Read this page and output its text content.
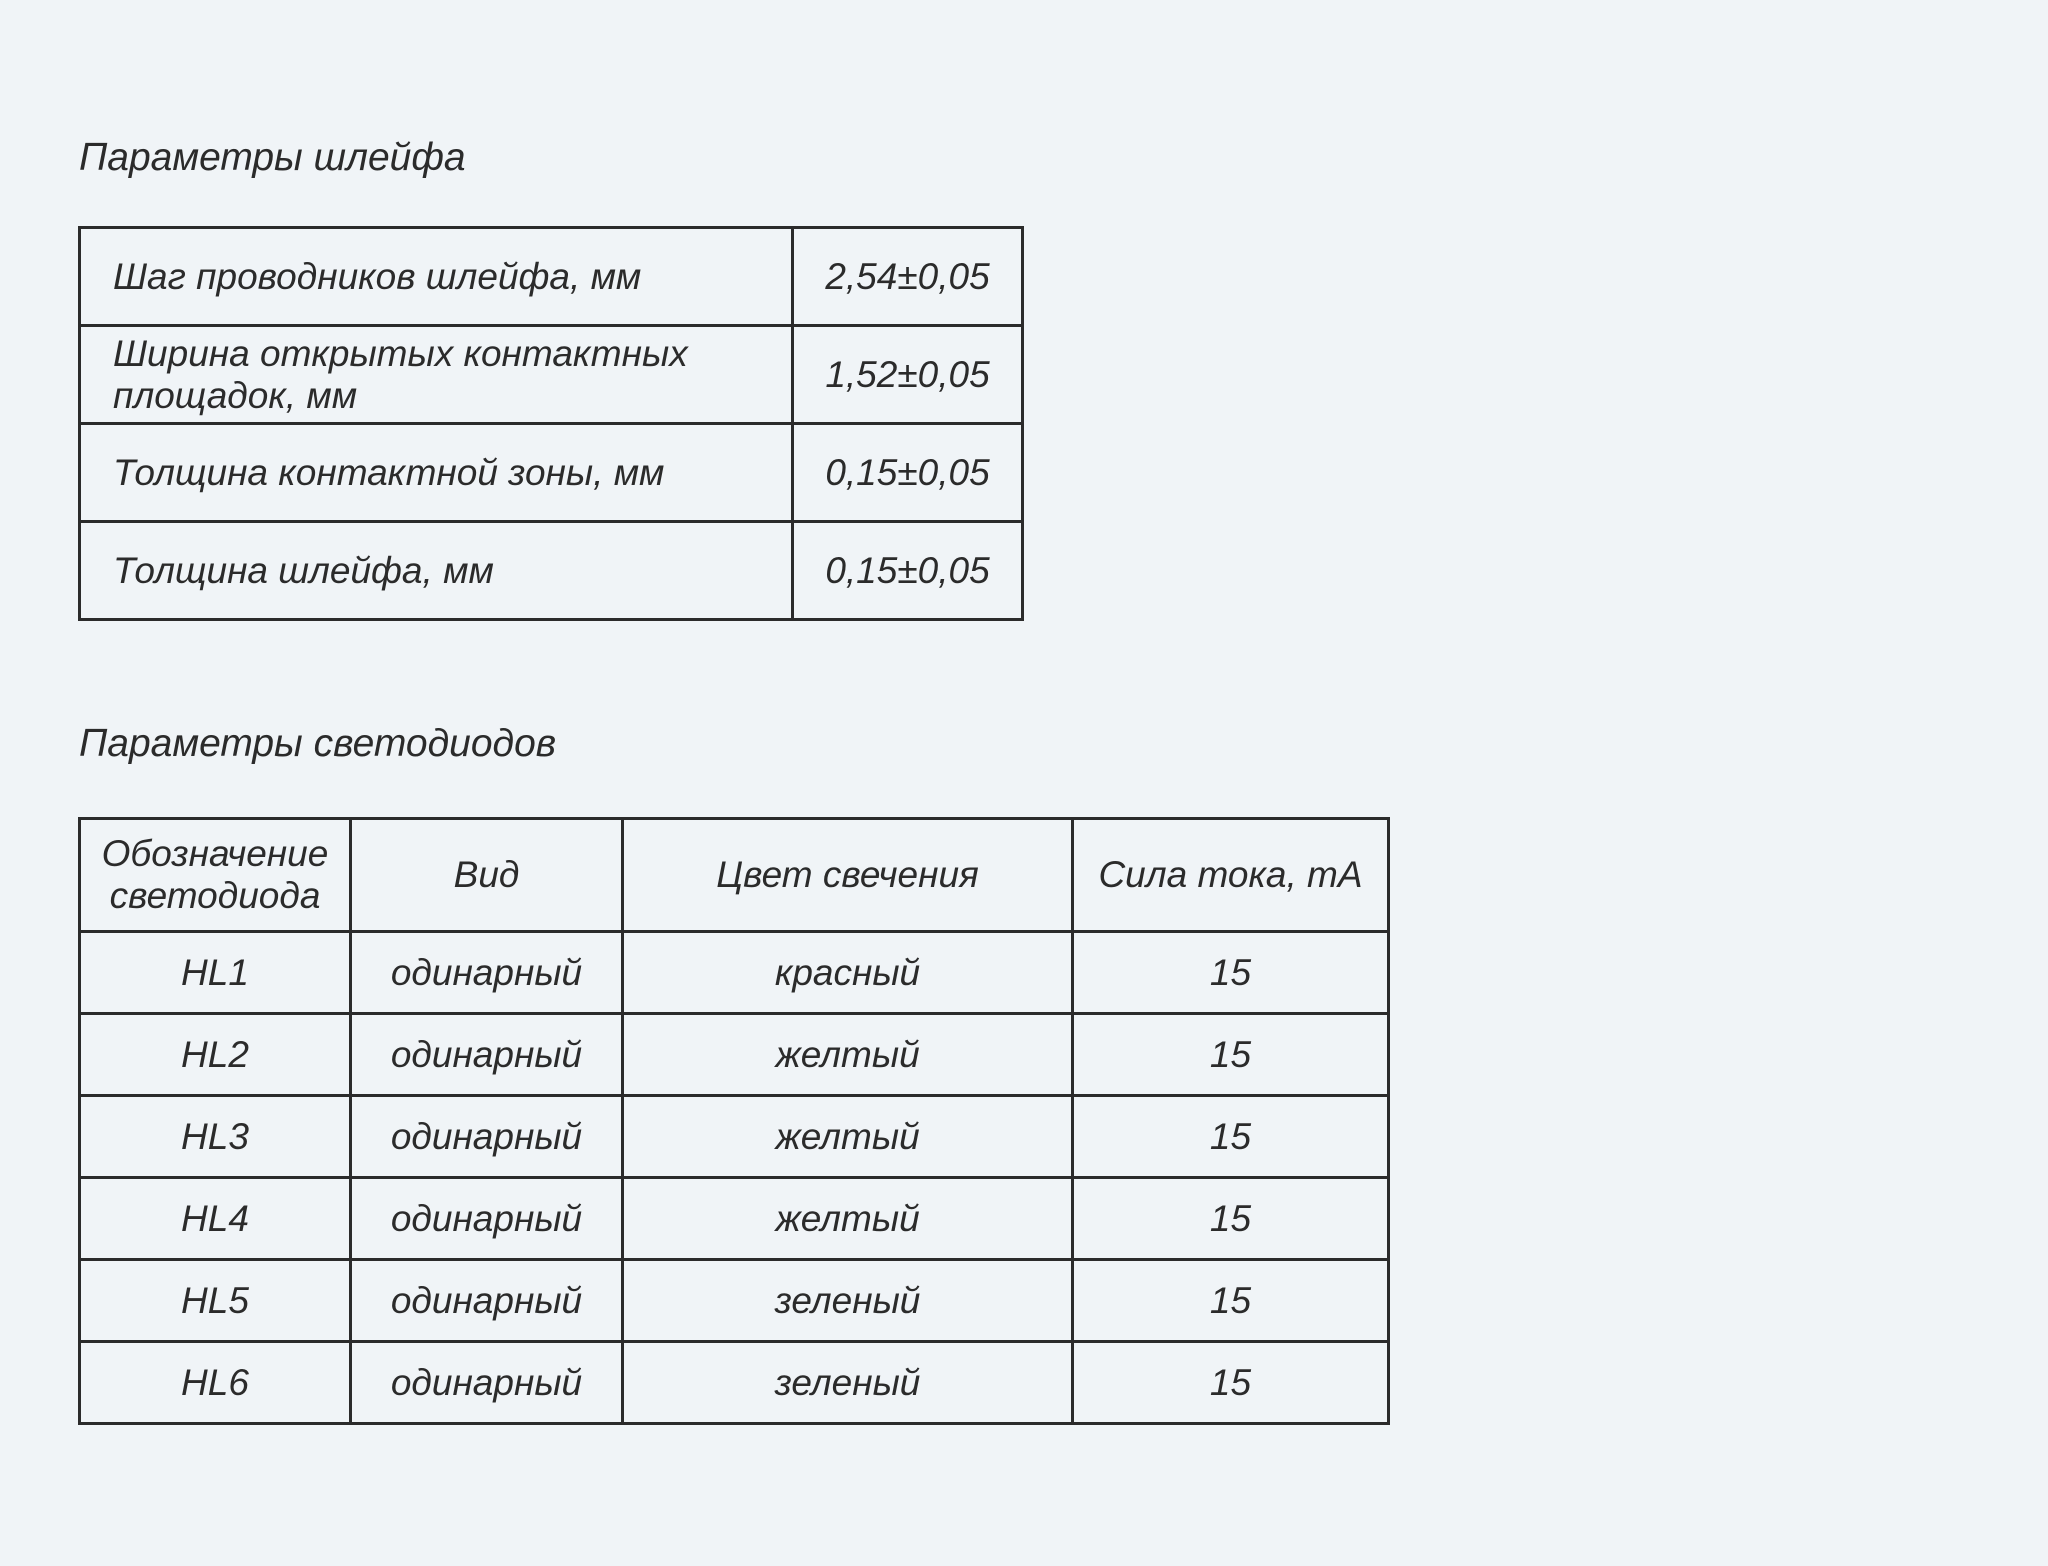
Параметры шлейфа
Шаг проводников шлейфа, мм	2,54±0,05
Ширина открытых контактных площадок, мм	1,52±0,05
Толщина контактной зоны, мм	0,15±0,05
Толщина шлейфа, мм	0,15±0,05
Параметры светодиодов
Обозначение светодиода	Вид	Цвет свечения	Сила тока, mA
HL1	одинарный	красный	15
HL2	одинарный	желтый	15
HL3	одинарный	желтый	15
HL4	одинарный	желтый	15
HL5	одинарный	зеленый	15
HL6	одинарный	зеленый	15
